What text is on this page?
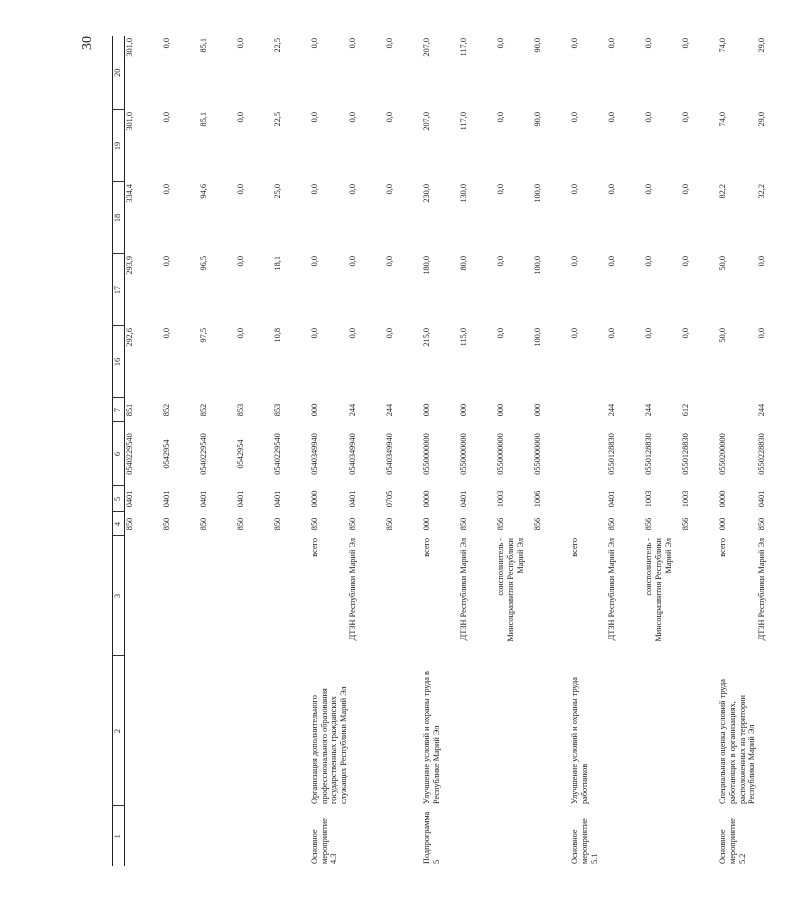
30
1	2	3	4	5	6	7	16	17	18	19	20
			850	0401	0540229540	851	292,6	293,9	334,4	301,0	301,0
			850	0401	0542954	852	0,0	0,0	0,0	0,0	0,0
			850	0401	0540229540	852	97,5	96,5	94,6	85,1	85,1
			850	0401	0542954	853	0,0	0,0	0,0	0,0	0,0
			850	0401	0540229540	853	10,8	18,1	25,0	22,5	22,5
Основное мероприятие 4.3	Организация дополнительного профессионального образования государственных гражданских служащих Республики Марий Эл	всего	850	0000	0540349940	000	0,0	0,0	0,0	0,0	0,0
		ДТЗН Республики Марий Эл	850	0401	0540349940	244	0,0	0,0	0,0	0,0	0,0
			850	0705	0540349940	244	0,0	0,0	0,0	0,0	0,0
Подпрограмма 5	Улучшение условий и охраны труда в Республике Марий Эл	всего	000	0000	0550000000	000	215,0	180,0	230,0	207,0	207,0
		ДТЗН Республики Марий Эл	850	0401	0550000000	000	115,0	80,0	130,0	117,0	117,0
		соисполнитель - Минсоцразвития Республики Марий Эл	856	1003	0550000000	000	0,0	0,0	0,0	0,0	0,0
			856	1006	0550000000	000	100,0	100,0	100,0	90,0	90,0
Основное мероприятие 5.1	Улучшение условий и охраны труда работников	всего					0,0	0,0	0,0	0,0	0,0
		ДТЗН Республики Марий Эл	850	0401	0550128830	244	0,0	0,0	0,0	0,0	0,0
		соисполнитель - Минсоцразвития Республики Марий Эл	856	1003	0550128830	244	0,0	0,0	0,0	0,0	0,0
			856	1003	0550128830	612	0,0	0,0	0,0	0,0	0,0
Основное мероприятие 5.2	Специальная оценка условий труда работающих в организациях, расположенных на территории Республики Марий Эл	всего	000	0000	0550200000		50,0	50,0	82,2	74,0	74,0
		ДТЗН Республики Марий Эл	850	0401	0550228830	244	0,0	0,0	32,2	29,0	29,0
